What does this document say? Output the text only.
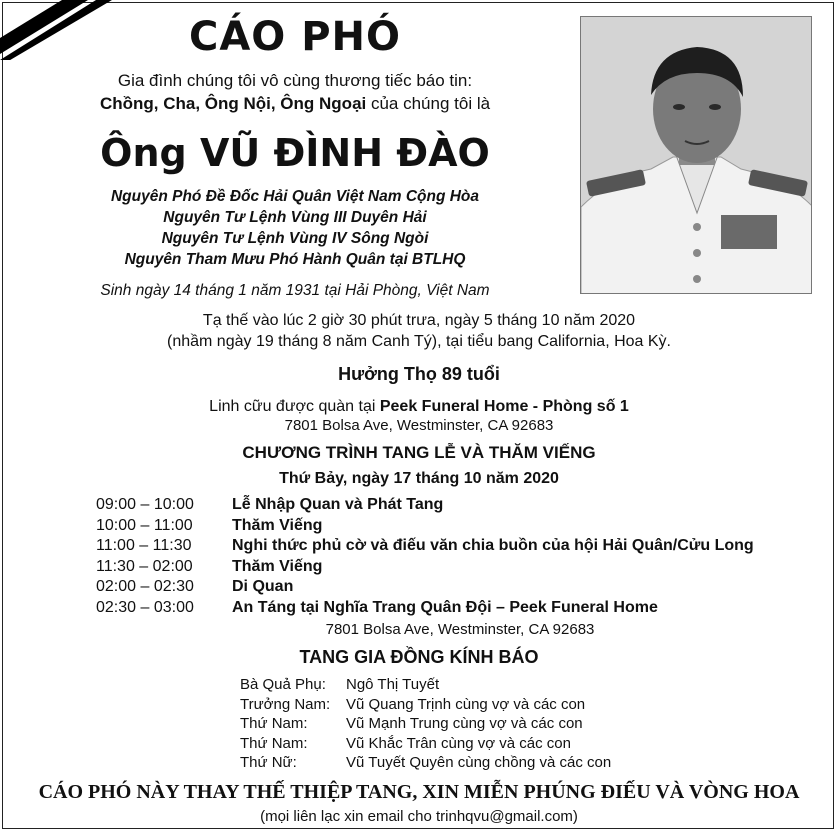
CÁO PHÓ
Gia đình chúng tôi vô cùng thương tiếc báo tin:
Chồng, Cha, Ông Nội, Ông Ngoại của chúng tôi là
Ông VŨ ĐÌNH ĐÀO
Nguyên Phó Đề Đốc Hải Quân Việt Nam Cộng Hòa
Nguyên Tư Lệnh Vùng III Duyên Hải
Nguyên Tư Lệnh Vùng IV Sông Ngòi
Nguyên Tham Mưu Phó Hành Quân tại BTLHQ
Sinh ngày 14 tháng 1 năm 1931 tại Hải Phòng, Việt Nam
Tạ thế vào lúc 2 giờ 30 phút trưa, ngày 5 tháng 10 năm 2020
(nhầm ngày 19 tháng 8 năm Canh Tý), tại tiểu bang California, Hoa Kỳ.
Hưởng Thọ 89 tuổi
Linh cữu được quàn tại Peek Funeral Home - Phòng số 1
7801 Bolsa Ave, Westminster, CA 92683
CHƯƠNG TRÌNH TANG LỄ VÀ THĂM VIẾNG
Thứ Bảy, ngày 17 tháng 10 năm 2020
09:00 – 10:00	Lễ Nhập Quan và Phát Tang
10:00 – 11:00	Thăm Viếng
11:00 – 11:30	Nghi thức phủ cờ và điếu văn chia buồn của hội Hải Quân/Cửu Long
11:30 – 02:00	Thăm Viếng
02:00 – 02:30	Di Quan
02:30 – 03:00	An Táng tại Nghĩa Trang Quân Đội – Peek Funeral Home
7801 Bolsa Ave, Westminster, CA 92683
TANG GIA ĐỒNG KÍNH BÁO
Bà Quả Phụ:	Ngô Thị Tuyết
Trưởng Nam:	Vũ Quang Trịnh cùng vợ và các con
Thứ Nam:	Vũ Mạnh Trung cùng vợ và các con
Thứ Nam:	Vũ Khắc Trân cùng vợ và các con
Thứ Nữ:	Vũ Tuyết Quyên cùng chồng và các con
CÁO PHÓ NÀY THAY THẾ THIỆP TANG, XIN MIỄN PHÚNG ĐIẾU VÀ VÒNG HOA
(mọi liên lạc xin email cho trinhqvu@gmail.com)
